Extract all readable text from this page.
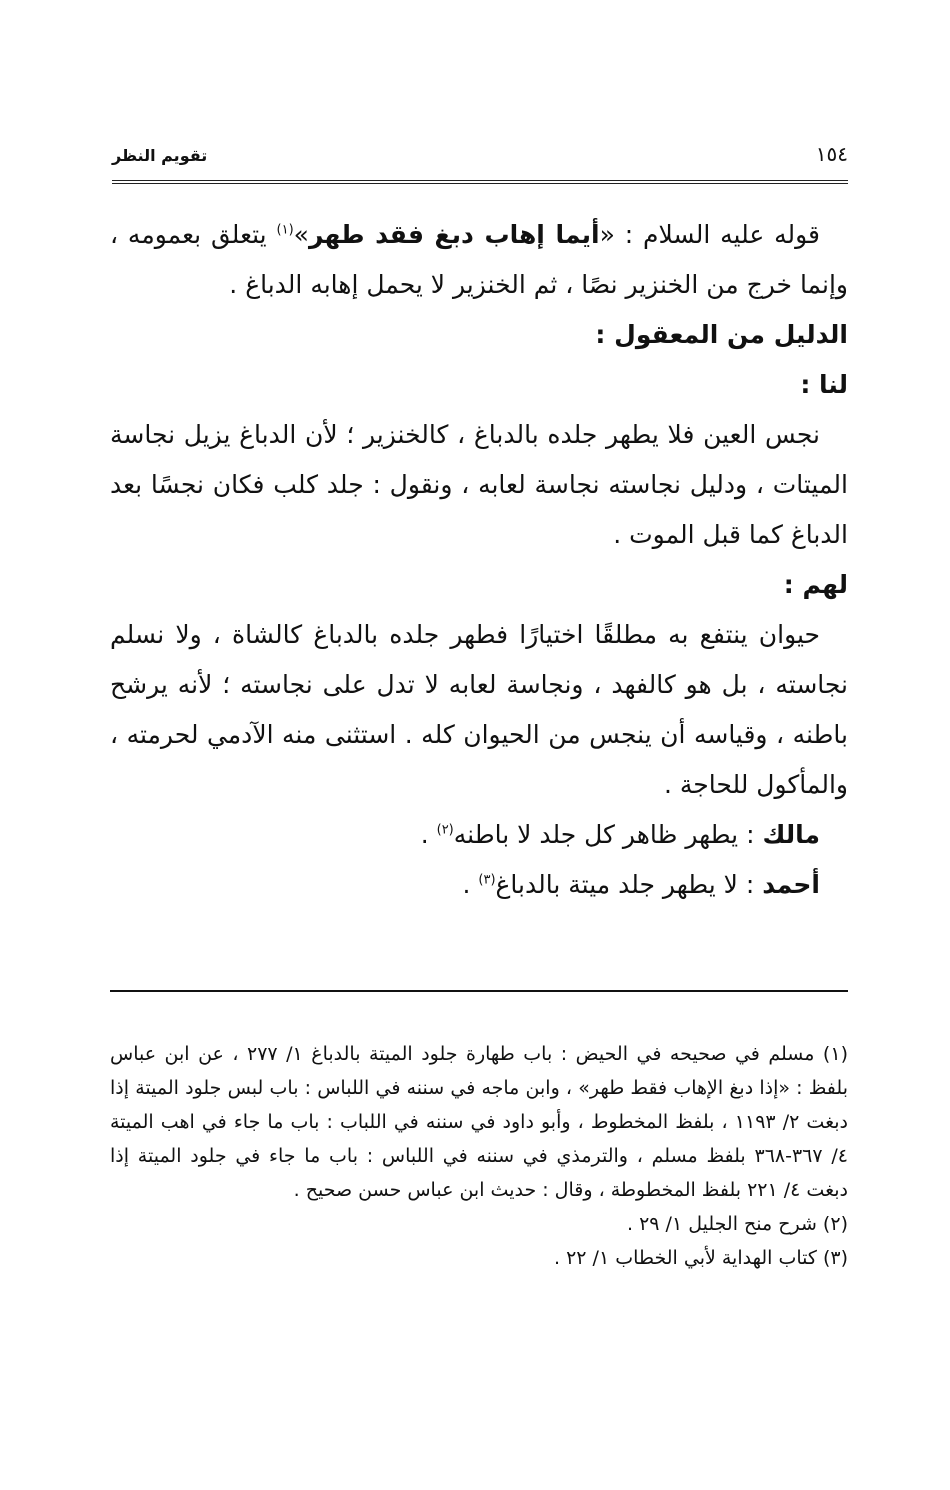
١٥٤
تقويم النظر

قوله عليه السلام : «أيما إهاب دبغ فقد طهر»$^{(١)}$ يتعلق بعمومه ، وإنما خرج من الخنزير نصًا ، ثم الخنزير لا يحمل إهابه الدباغ .

الدليل من المعقول :

لنا :

نجس العين فلا يطهر جلده بالدباغ ، كالخنزير ؛ لأن الدباغ يزيل نجاسة الميتات ، ودليل نجاسته نجاسة لعابه ، ونقول : جلد كلب فكان نجسًا بعد الدباغ كما قبل الموت .

لهم :

حيوان ينتفع به مطلقًا اختيارًا فطهر جلده بالدباغ كالشاة ، ولا نسلم نجاسته ، بل هو كالفهد ، ونجاسة لعابه لا تدل على نجاسته ؛ لأنه يرشح باطنه ، وقياسه أن ينجس من الحيوان كله . استثنى منه الآدمي لحرمته ، والمأكول للحاجة .

مالك : يطهر ظاهر كل جلد لا باطنه$^{(٢)}$ .

أحمد : لا يطهر جلد ميتة بالدباغ$^{(٣)}$ .

(١) مسلم في صحيحه في الحيض : باب طهارة جلود الميتة بالدباغ ١/ ٢٧٧ ، عن ابن عباس بلفظ : «إذا دبغ الإهاب فقط طهر» ، وابن ماجه في سننه في اللباس : باب لبس جلود الميتة إذا دبغت ٢/ ١١٩٣ ، بلفظ المخطوط ، وأبو داود في سننه في اللباب : باب ما جاء في اهب الميتة ٤/ ٣٦٧-٣٦٨ بلفظ مسلم ، والترمذي في سننه في اللباس : باب ما جاء في جلود الميتة إذا دبغت ٤/ ٢٢١ بلفظ المخطوطة ، وقال : حديث ابن عباس حسن صحيح .

(٢) شرح منح الجليل ١/ ٢٩ .

(٣) كتاب الهداية لأبي الخطاب ١/ ٢٢ .
